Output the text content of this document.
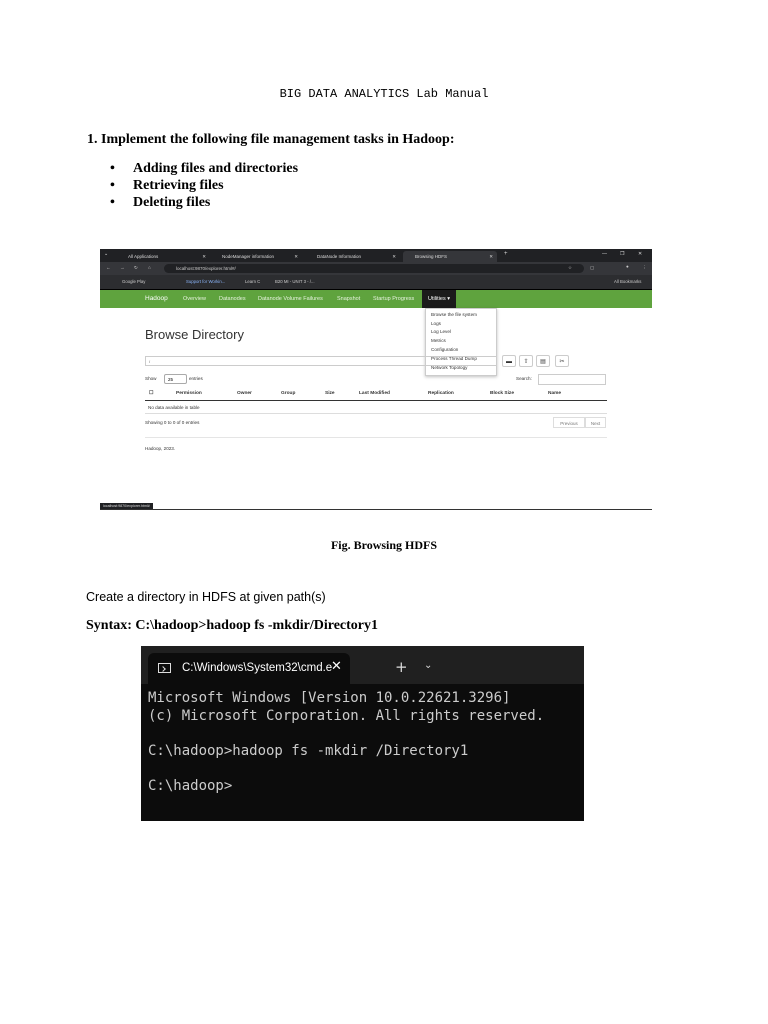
BIG DATA ANALYTICS Lab Manual
1. Implement the following file management tasks in Hadoop:
• Adding files and directories
• Retrieving files
• Deleting files
⌄	All Applications	✕	NodeManager information	✕	DataNode Information	✕	Browsing HDFS	✕ +	—	❐	✕
← → ↻ ⌂	localhost:9870/explorer.html#/	☆	▢	●	⋮
Google Play	Support for Workin...	Learn C	B20 MI - UNIT 3 - /...	All Bookmarks
Hadoop	Overview Datanodes Datanode Volume Failures	Snapshot Startup Progress	Utilities ▾
Browse the file system
Logs
Log Level
Metrics
Configuration
Process Thread Dump
Network Topology
Browse Directory
/	▬	⇧	▤	✂
Show	25	entries	Search:
☐	Permission	Owner	Group	Size	Last Modified	Replication	Block Size	Name
No data available in table
Showing 0 to 0 of 0 entries	Previous	Next
Hadoop, 2023.
localhost:9870/explorer.html#
Fig. Browsing HDFS
Create a directory in HDFS at given path(s)
Syntax: C:\hadoop>hadoop fs -mkdir/Directory1
C:\Windows\System32\cmd.e
✕	+ ⌄
Microsoft Windows [Version 10.0.22621.3296]
(c) Microsoft Corporation. All rights reserved.
C:\hadoop>hadoop fs -mkdir /Directory1
C:\hadoop>
